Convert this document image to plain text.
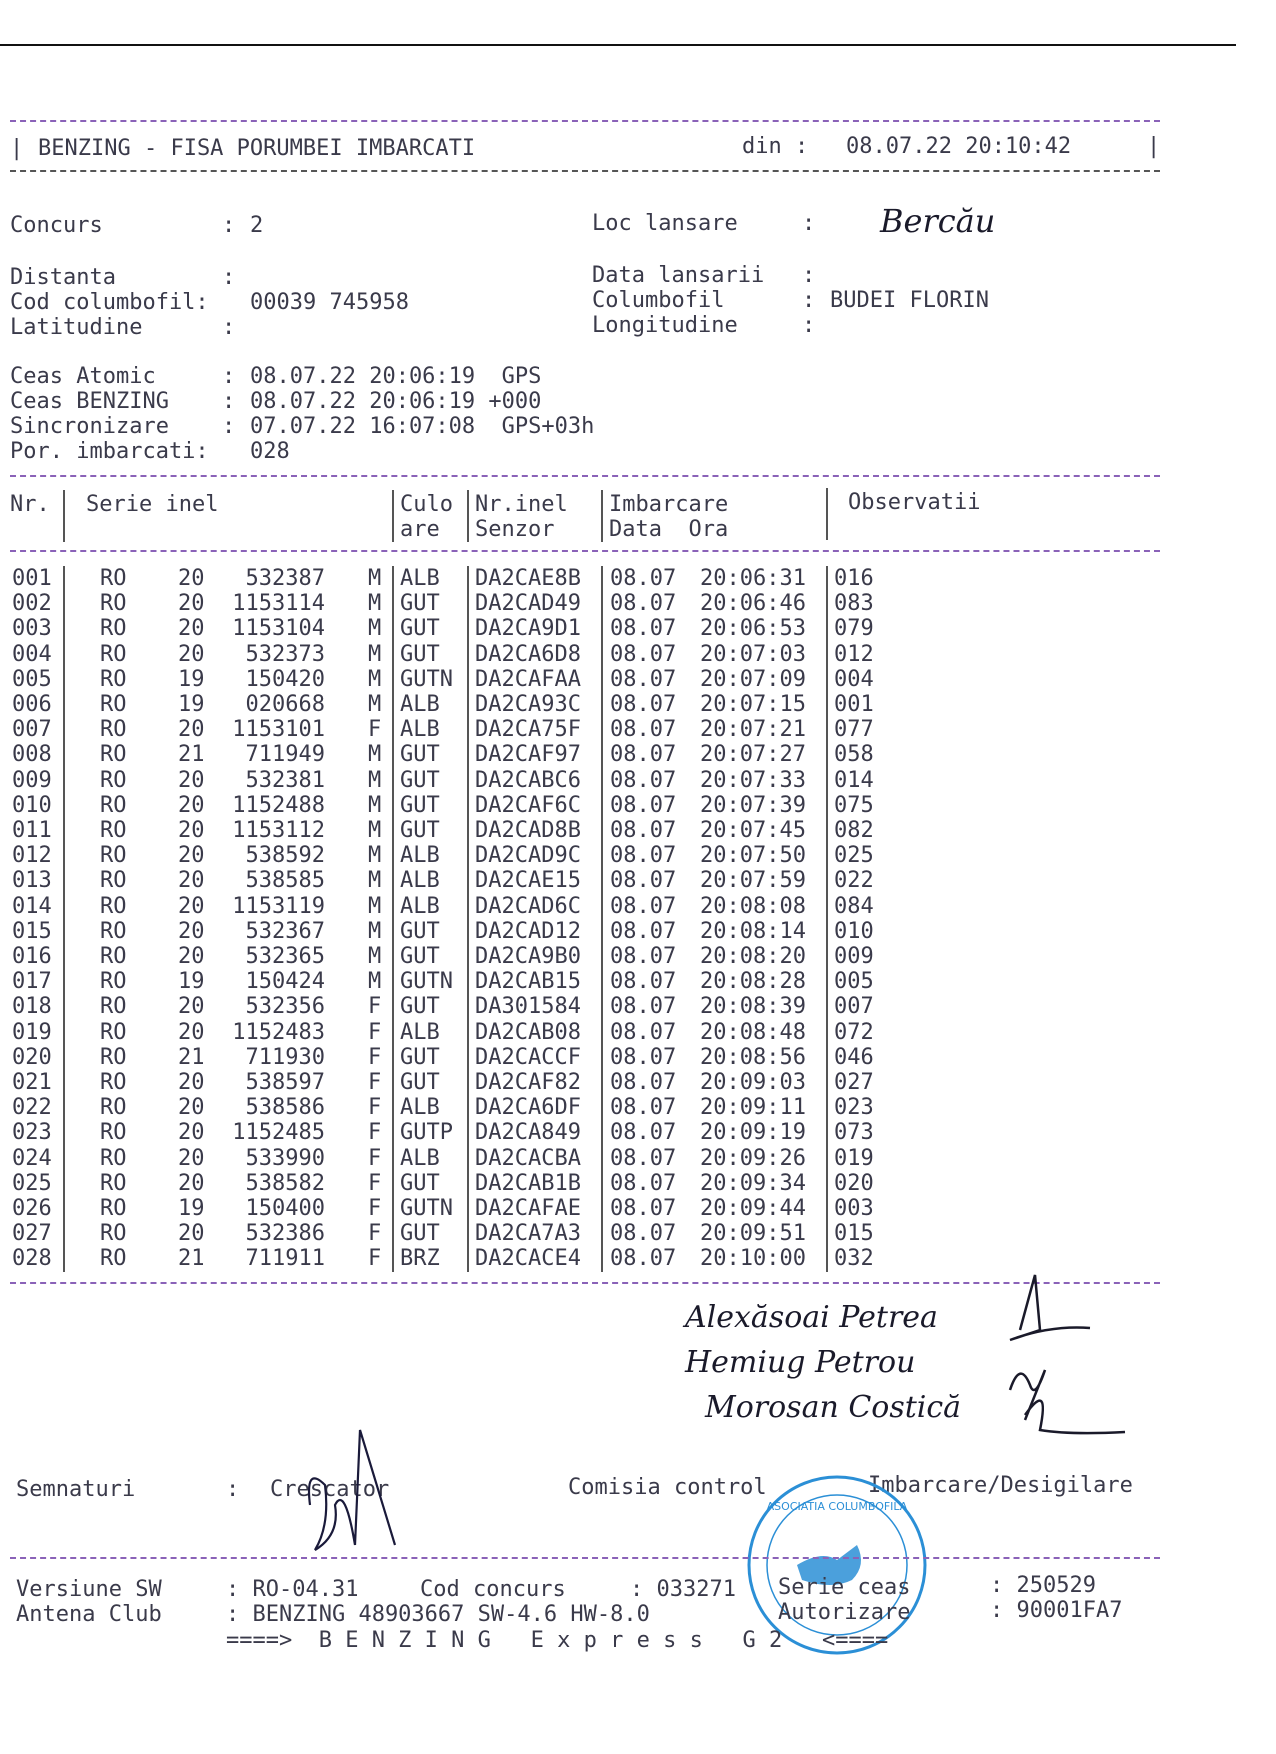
| BENZING - FISA PORUMBEI IMBARCATI	din : 08.07.22 20:10:42	|
Concurs	: 2	Loc lansare	: Bercău
Distanta	:	Data lansarii :
Cod columbofil: 00039 745958	Columbofil	: BUDEI FLORIN
Latitudine	:	Longitudine	:
Ceas Atomic	: 08.07.22 20:06:19  GPS
Ceas BENZING : 08.07.22 20:06:19 +000
Sincronizare : 07.07.22 16:07:08  GPS+03h
Por. imbarcati: 028
Nr. Serie inel	Culo
are
Nr.inel
Senzor
Imbarcare
Data  Ora
Observatii
001 RO 20 532387 M ALB DA2CAE8B 08.07 20:06:31 016
002 RO 20 1153114 M GUT DA2CAD49 08.07 20:06:46 083
003 RO 20 1153104 M GUT DA2CA9D1 08.07 20:06:53 079
004 RO 20 532373 M GUT DA2CA6D8 08.07 20:07:03 012
005 RO 19 150420 M GUTN DA2CAFAA 08.07 20:07:09 004
006 RO 19 020668 M ALB DA2CA93C 08.07 20:07:15 001
007 RO 20 1153101 F ALB DA2CA75F 08.07 20:07:21 077
008 RO 21 711949 M GUT DA2CAF97 08.07 20:07:27 058
009 RO 20 532381 M GUT DA2CABC6 08.07 20:07:33 014
010 RO 20 1152488 M GUT DA2CAF6C 08.07 20:07:39 075
011 RO 20 1153112 M GUT DA2CAD8B 08.07 20:07:45 082
012 RO 20 538592 M ALB DA2CAD9C 08.07 20:07:50 025
013 RO 20 538585 M ALB DA2CAE15 08.07 20:07:59 022
014 RO 20 1153119 M ALB DA2CAD6C 08.07 20:08:08 084
015 RO 20 532367 M GUT DA2CAD12 08.07 20:08:14 010
016 RO 20 532365 M GUT DA2CA9B0 08.07 20:08:20 009
017 RO 19 150424 M GUTN DA2CAB15 08.07 20:08:28 005
018 RO 20 532356 F GUT DA301584 08.07 20:08:39 007
019 RO 20 1152483 F ALB DA2CAB08 08.07 20:08:48 072
020 RO 21 711930 F GUT DA2CACCF 08.07 20:08:56 046
021 RO 20 538597 F GUT DA2CAF82 08.07 20:09:03 027
022 RO 20 538586 F ALB DA2CA6DF 08.07 20:09:11 023
023 RO 20 1152485 F GUTP DA2CA849 08.07 20:09:19 073
024 RO 20 533990 F ALB DA2CACBA 08.07 20:09:26 019
025 RO 20 538582 F GUT DA2CAB1B 08.07 20:09:34 020
026 RO 19 150400 F GUTN DA2CAFAE 08.07 20:09:44 003
027 RO 20 532386 F GUT DA2CA7A3 08.07 20:09:51 015
028 RO 21 711911 F BRZ DA2CACE4 08.07 20:10:00 032
Alexăsoai Petrea
Hemiug Petrou
Morosan Costică
Semnaturi	: Crescator	Comisia control	Imbarcare/Desigilare
ASOCIATIA COLUMBOFILA
Versiune SW	: RO-04.31	Cod concurs	: 033271 Serie ceas	: 250529
Antena Club	: BENZING 48903667 SW-4.6 HW-8.0	Autorizare	: 90001FA7
====>  B E N Z I N G   E x p r e s s   G 2   <====
